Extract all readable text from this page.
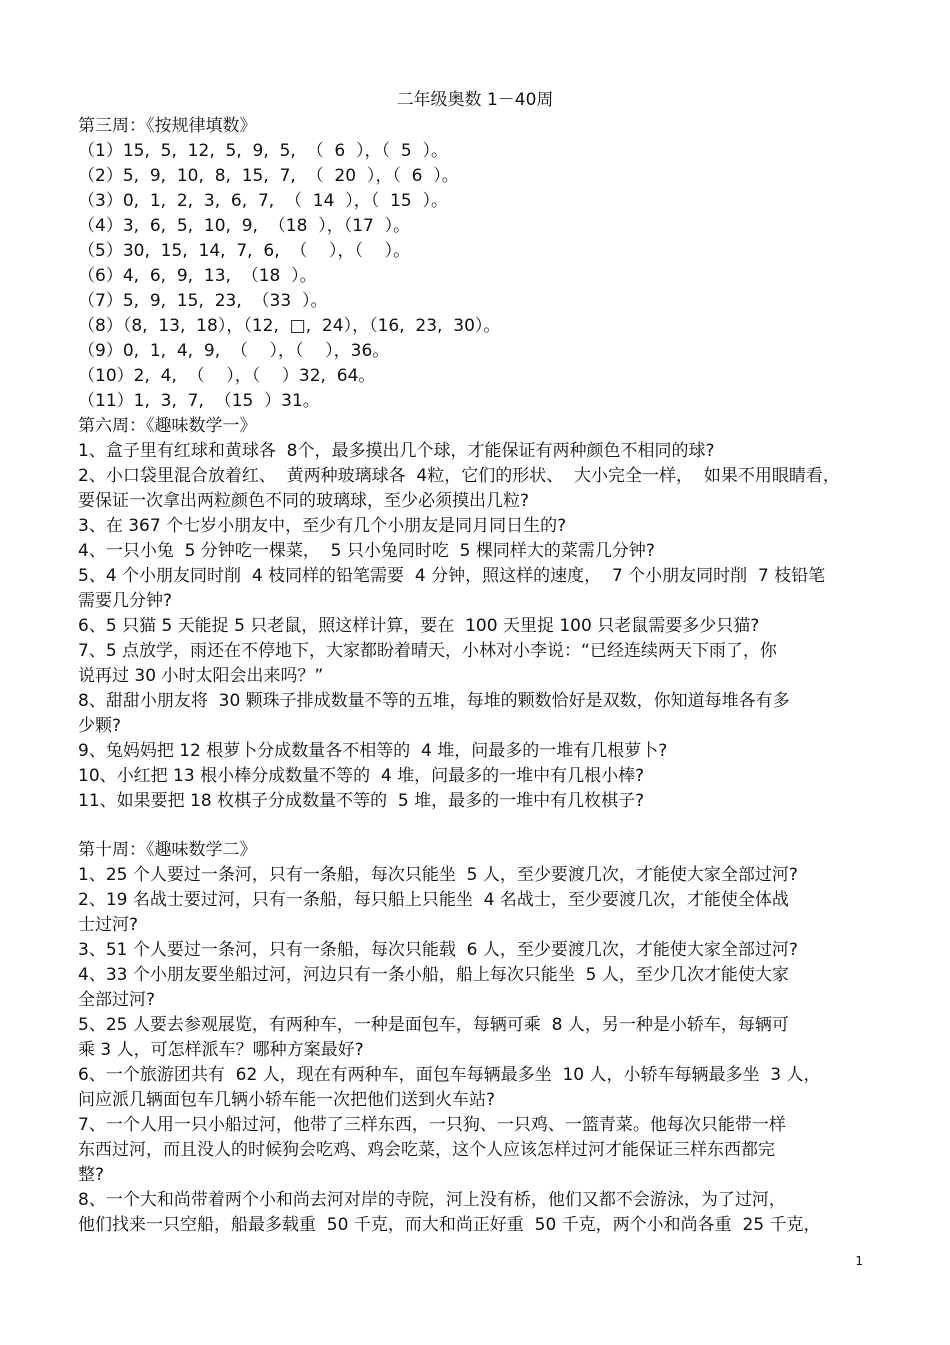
二年级奥数 1－40周
第三周：《按规律填数》
（1）15,  5,  12,  5,  9,  5,  （  6  ），（  5  ）。
（2）5,  9,  10,  8,  15,  7,  （  20  ），（  6  ）。
（3）0,  1,  2,  3,  6,  7,  （  14  ），（  15  ）。
（4）3,  6,  5,  10,  9,  （18  ），（17  ）。
（5）30,  15,  14,  7,  6,  （    ），（    ）。
（6）4,  6,  9,  13,  （18  ）。
（7）5,  9,  15,  23,  （33  ）。
（8）（8,  13,  18），（12,  □,  24），（16,  23,  30）。
（9）0,  1,  4,  9,  （    ），（    ），36。
（10）2,  4,  （    ），（    ）32,  64。
（11）1,  3,  7,  （15  ）31。
第六周：《趣味数学一》
1、盒子里有红球和黄球各  8个，最多摸出几个球，才能保证有两种颜色不相同的球?
2、小口袋里混合放着红、  黄两种玻璃球各  4粒，它们的形状、  大小完全一样，  如果不用眼睛看，
要保证一次拿出两粒颜色不同的玻璃球，至少必须摸出几粒?
3、在 367 个七岁小朋友中，至少有几个小朋友是同月同日生的?
4、一只小兔  5 分钟吃一棵菜，  5 只小兔同时吃  5 棵同样大的菜需几分钟?
5、4 个小朋友同时削  4 枝同样的铅笔需要  4 分钟，照这样的速度，  7 个小朋友同时削  7 枝铅笔
需要几分钟?
6、5 只猫 5 天能捉 5 只老鼠，照这样计算，要在  100 天里捉 100 只老鼠需要多少只猫?
7、5 点放学，雨还在不停地下，大家都盼着晴天，小林对小李说：“已经连续两天下雨了，你
说再过 30 小时太阳会出来吗？”
8、甜甜小朋友将  30 颗珠子排成数量不等的五堆，每堆的颗数恰好是双数，你知道每堆各有多
少颗?
9、兔妈妈把 12 根萝卜分成数量各不相等的  4 堆，问最多的一堆有几根萝卜?
10、小红把 13 根小棒分成数量不等的  4 堆，问最多的一堆中有几根小棒?
11、如果要把 18 枚棋子分成数量不等的  5 堆，最多的一堆中有几枚棋子?
第十周：《趣味数学二》
1、25 个人要过一条河，只有一条船，每次只能坐  5 人，至少要渡几次，才能使大家全部过河?
2、19 名战士要过河，只有一条船，每只船上只能坐  4 名战士，至少要渡几次，才能使全体战
士过河?
3、51 个人要过一条河，只有一条船，每次只能载  6 人，至少要渡几次，才能使大家全部过河?
4、33 个小朋友要坐船过河，河边只有一条小船，船上每次只能坐  5 人，至少几次才能使大家
全部过河?
5、25 人要去参观展览，有两种车，一种是面包车，每辆可乘  8 人，另一种是小轿车，每辆可
乘 3 人，可怎样派车？哪种方案最好?
6、一个旅游团共有  62 人，现在有两种车，面包车每辆最多坐  10 人，小轿车每辆最多坐  3 人，
问应派几辆面包车几辆小轿车能一次把他们送到火车站?
7、一个人用一只小船过河，他带了三样东西，一只狗、一只鸡、一篮青菜。他每次只能带一样
东西过河，而且没人的时候狗会吃鸡、鸡会吃菜，这个人应该怎样过河才能保证三样东西都完
整?
8、一个大和尚带着两个小和尚去河对岸的寺院，河上没有桥，他们又都不会游泳，为了过河，
他们找来一只空船，船最多载重  50 千克，而大和尚正好重  50 千克，两个小和尚各重  25 千克，
1
